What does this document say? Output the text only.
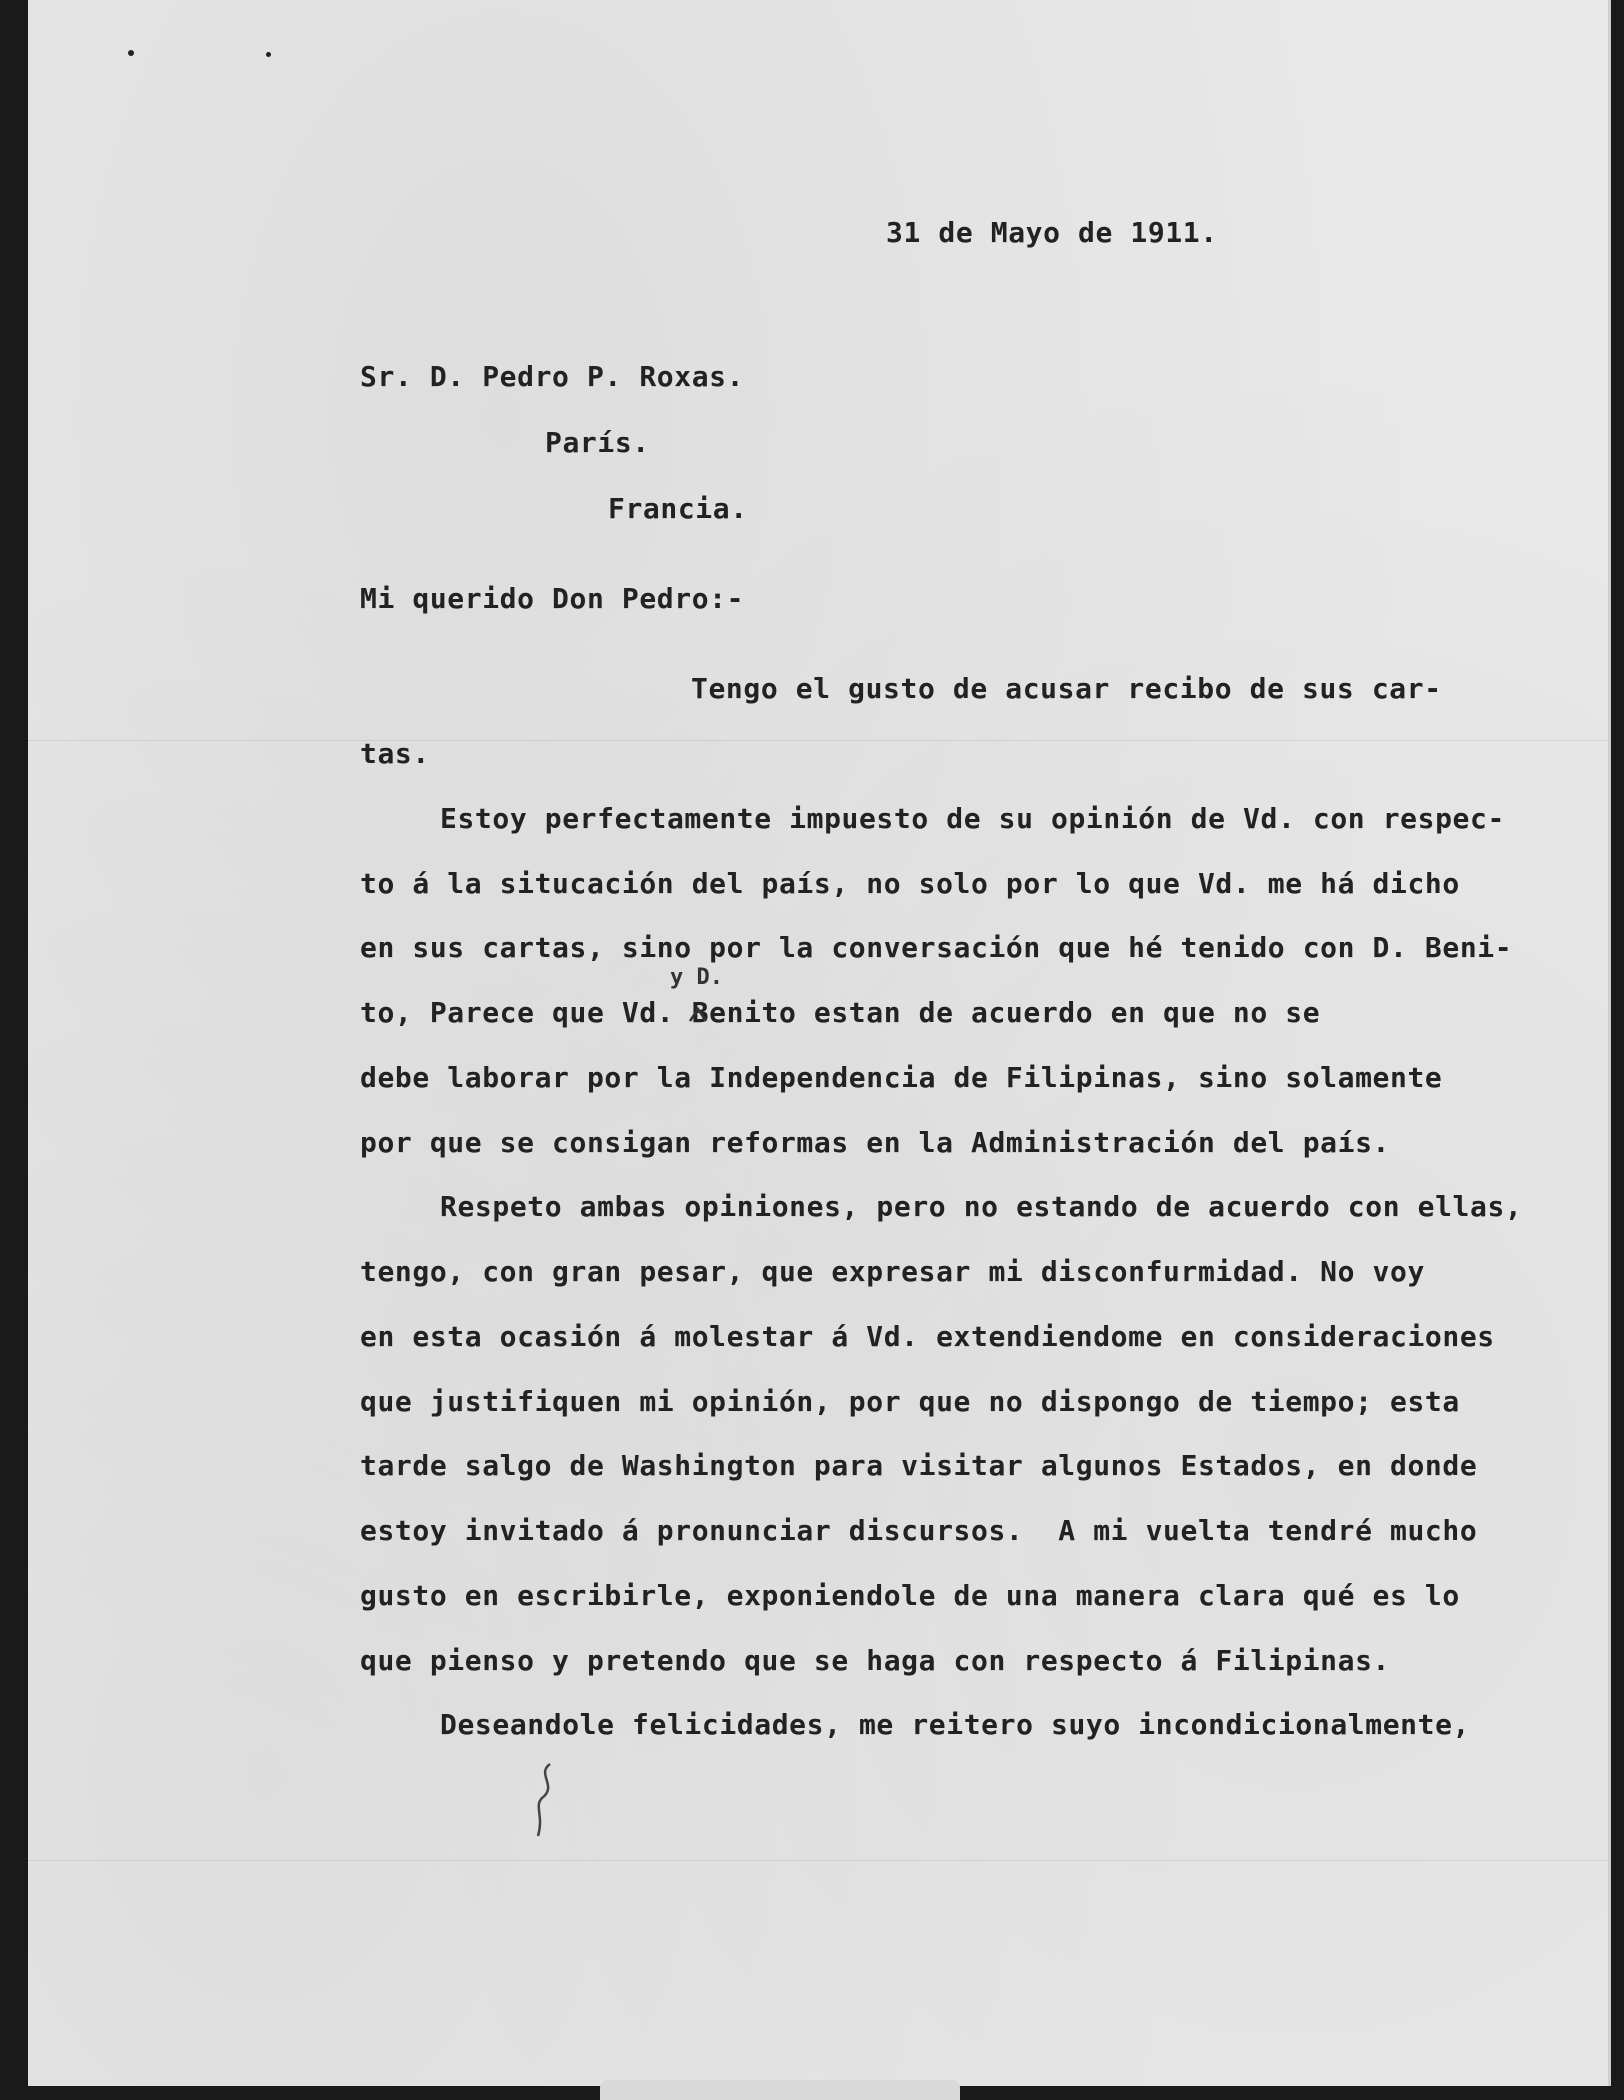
31 de Mayo de 1911.

Sr. D. Pedro P. Roxas.

París.

Francia.

Mi querido Don Pedro:-

Tengo el gusto de acusar recibo de sus car-

tas.

Estoy perfectamente impuesto de su opinión de Vd. con respec-

to á la situcación del país, no solo por lo que Vd. me há dicho

en sus cartas, sino por la conversación que hé tenido con D. Beni-

to, Parece que Vd. Benito estan de acuerdo en que no se

debe laborar por la Independencia de Filipinas, sino solamente

por que se consigan reformas en la Administración del país.

Respeto ambas opiniones, pero no estando de acuerdo con ellas,

tengo, con gran pesar, que expresar mi disconfurmidad. No voy

en esta ocasión á molestar á Vd. extendiendome en consideraciones

que justifiquen mi opinión, por que no dispongo de tiempo; esta

tarde salgo de Washington para visitar algunos Estados, en donde

estoy invitado á pronunciar discursos.  A mi vuelta tendré mucho

gusto en escribirle, exponiendole de una manera clara qué es lo

que pienso y pretendo que se haga con respecto á Filipinas.

Deseandole felicidades, me reitero suyo incondicionalmente,

y D.
